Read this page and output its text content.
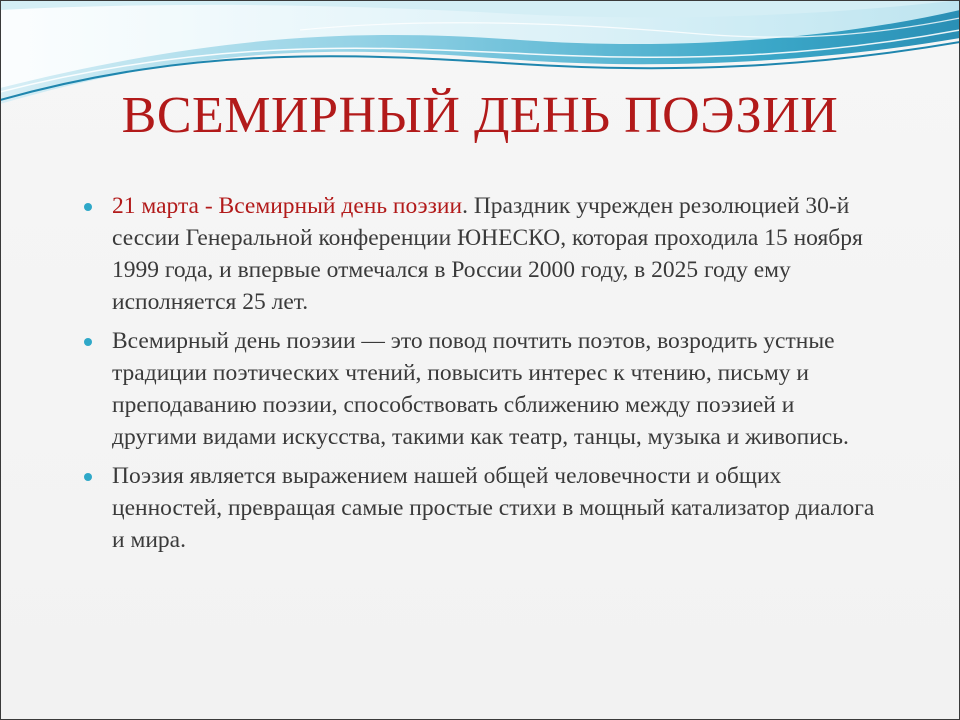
ВСЕМИРНЫЙ ДЕНЬ ПОЭЗИИ
21 марта - Всемирный день поэзии. Праздник учрежден резолюцией 30-й сессии Генеральной конференции ЮНЕСКО, которая проходила 15 ноября 1999 года, и впервые отмечался в России 2000 году, в 2025 году ему исполняется 25 лет.
Всемирный день поэзии — это повод почтить поэтов, возродить устные традиции поэтических чтений, повысить интерес к чтению, письму и преподаванию поэзии, способствовать сближению между поэзией и другими видами искусства, такими как театр, танцы, музыка и живопись.
Поэзия является выражением нашей общей человечности и общих ценностей, превращая самые простые стихи в мощный катализатор диалога и мира.
